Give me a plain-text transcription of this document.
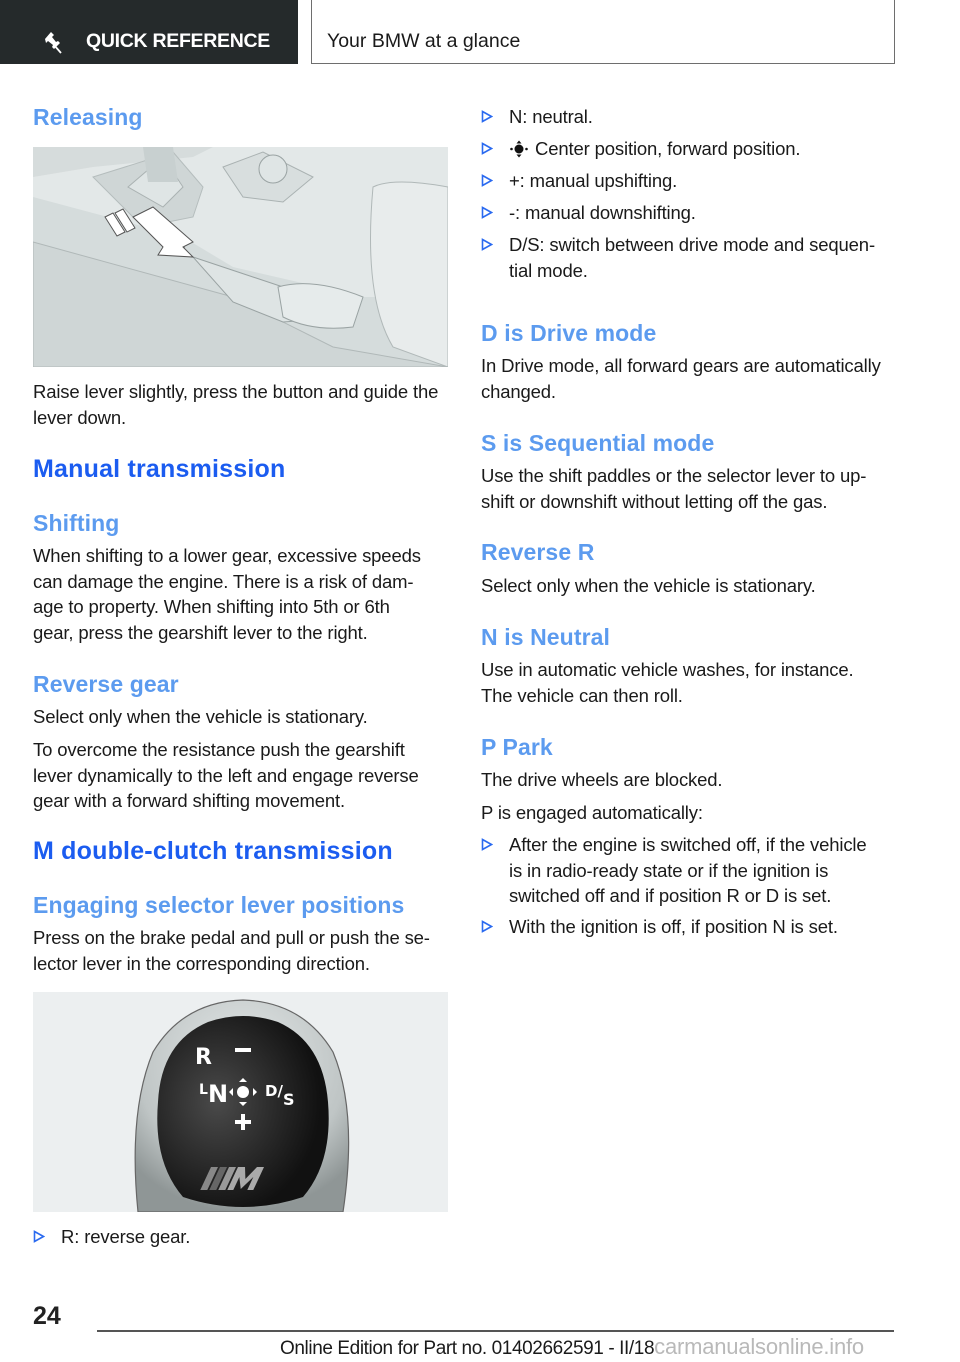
QUICK REFERENCE	Your BMW at a glance
Releasing
Raise lever slightly, press the button and guide the lever down.
Manual transmission
Shifting
When shifting to a lower gear, excessive speeds
can damage the engine. There is a risk of dam-
age to property. When shifting into 5th or 6th
gear, press the gearshift lever to the right.
Reverse gear
Select only when the vehicle is stationary.
To overcome the resistance push the gearshift
lever dynamically to the left and engage reverse
gear with a forward shifting movement.
M double-clutch transmission
Engaging selector lever positions
Press on the brake pedal and pull or push the se-
lector lever in the corresponding direction.
R
L N D/ S
R: reverse gear.
N: neutral.
Center position, forward position.
+: manual upshifting.
-: manual downshifting.
D/S: switch between drive mode and sequen-
tial mode.
D is Drive mode
In Drive mode, all forward gears are automatically
changed.
S is Sequential mode
Use the shift paddles or the selector lever to up-
shift or downshift without letting off the gas.
Reverse R
Select only when the vehicle is stationary.
N is Neutral
Use in automatic vehicle washes, for instance.
The vehicle can then roll.
P Park
The drive wheels are blocked.
P is engaged automatically:
After the engine is switched off, if the vehicle
is in radio-ready state or if the ignition is
switched off and if position R or D is set.
With the ignition is off, if position N is set.
24
Online Edition for Part no. 01402662591 - II/18carmanualsonline.info
